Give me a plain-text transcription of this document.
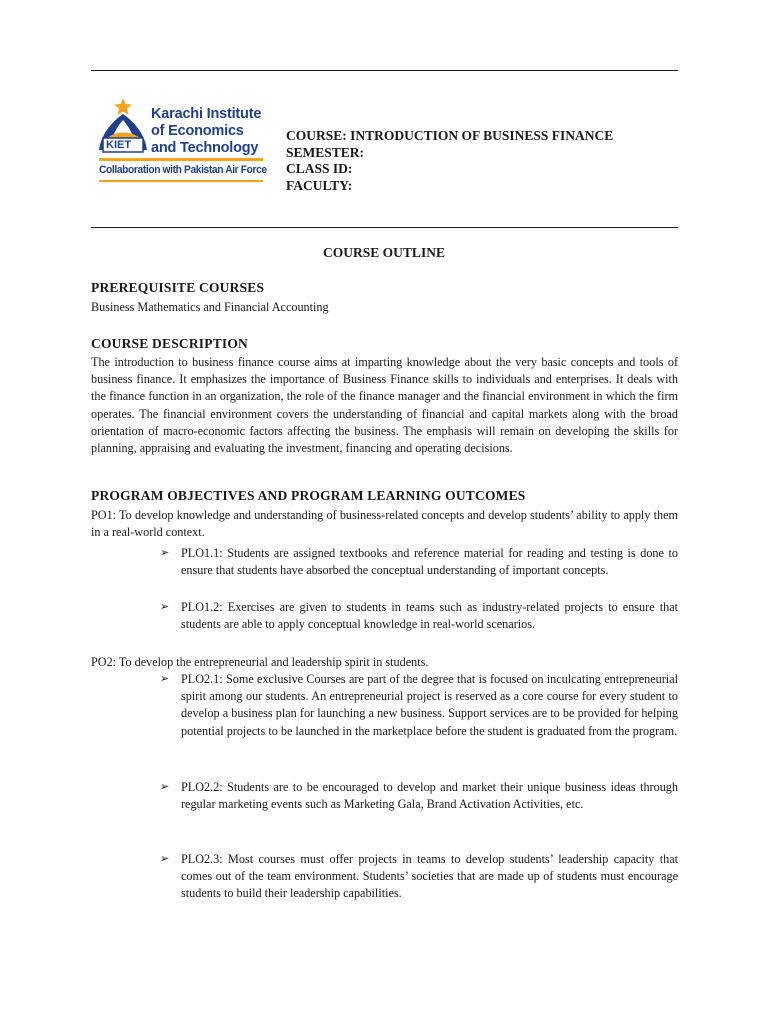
KIET
Karachi Institute
of Economics
and Technology
Collaboration with Pakistan Air Force
COURSE: INTRODUCTION OF BUSINESS FINANCE
SEMESTER:
CLASS ID:
FACULTY:
COURSE OUTLINE
PREREQUISITE COURSES
Business Mathematics and Financial Accounting
COURSE DESCRIPTION
The introduction to business finance course aims at imparting knowledge about the very basic concepts and tools of business finance. It emphasizes the importance of Business Finance skills to individuals and enterprises. It deals with the finance function in an organization, the role of the finance manager and the financial environment in which the firm operates. The financial environment covers the understanding of financial and capital markets along with the broad orientation of macro-economic factors affecting the business. The emphasis will remain on developing the skills for planning, appraising and evaluating the investment, financing and operating decisions.
PROGRAM OBJECTIVES AND PROGRAM LEARNING OUTCOMES
PO1: To develop knowledge and understanding of business-related concepts and develop students’ ability to apply them in a real-world context.
➢ PLO1.1: Students are assigned textbooks and reference material for reading and testing is done to ensure that students have absorbed the conceptual understanding of important concepts.
➢ PLO1.2: Exercises are given to students in teams such as industry-related projects to ensure that students are able to apply conceptual knowledge in real-world scenarios.
PO2: To develop the entrepreneurial and leadership spirit in students.
➢ PLO2.1: Some exclusive Courses are part of the degree that is focused on inculcating entrepreneurial spirit among our students. An entrepreneurial project is reserved as a core course for every student to develop a business plan for launching a new business. Support services are to be provided for helping potential projects to be launched in the marketplace before the student is graduated from the program.
➢ PLO2.2: Students are to be encouraged to develop and market their unique business ideas through regular marketing events such as Marketing Gala, Brand Activation Activities, etc.
➢ PLO2.3: Most courses must offer projects in teams to develop students’ leadership capacity that comes out of the team environment. Students’ societies that are made up of students must encourage students to build their leadership capabilities.
